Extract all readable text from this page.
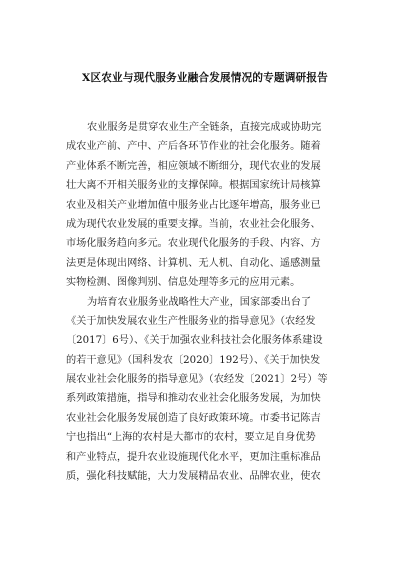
X区农业与现代服务业融合发展情况的专题调研报告
农业服务是贯穿农业生产全链条，直接完成或协助完
成农业产前、产中、产后各环节作业的社会化服务。随着
产业体系不断完善，相应领域不断细分，现代农业的发展
壮大离不开相关服务业的支撑保障。根据国家统计局核算
农业及相关产业增加值中服务业占比逐年增高，服务业已
成为现代农业发展的重要支撑。当前，农业社会化服务、
市场化服务趋向多元。农业现代化服务的手段、内容、方
法更是体现出网络、计算机、无人机、自动化、遥感测量
实物检测、图像判别、信息处理等多元的应用元素。
为培育农业服务业战略性大产业，国家部委出台了
《关于加快发展农业生产性服务业的指导意见》（农经发
〔2017〕6号）、《关于加强农业科技社会化服务体系建设
的若干意见》（国科发农〔2020〕192号）、《关于加快发
展农业社会化服务的指导意见》（农经发〔2021〕2号）等
系列政策措施，指导和推动农业社会化服务发展，为加快
农业社会化服务发展创造了良好政策环境。市委书记陈吉
宁也指出“上海的农村是大都市的农村，要立足自身优势
和产业特点，提升农业设施现代化水平，更加注重标准品
质，强化科技赋能，大力发展精品农业、品牌农业，使农
